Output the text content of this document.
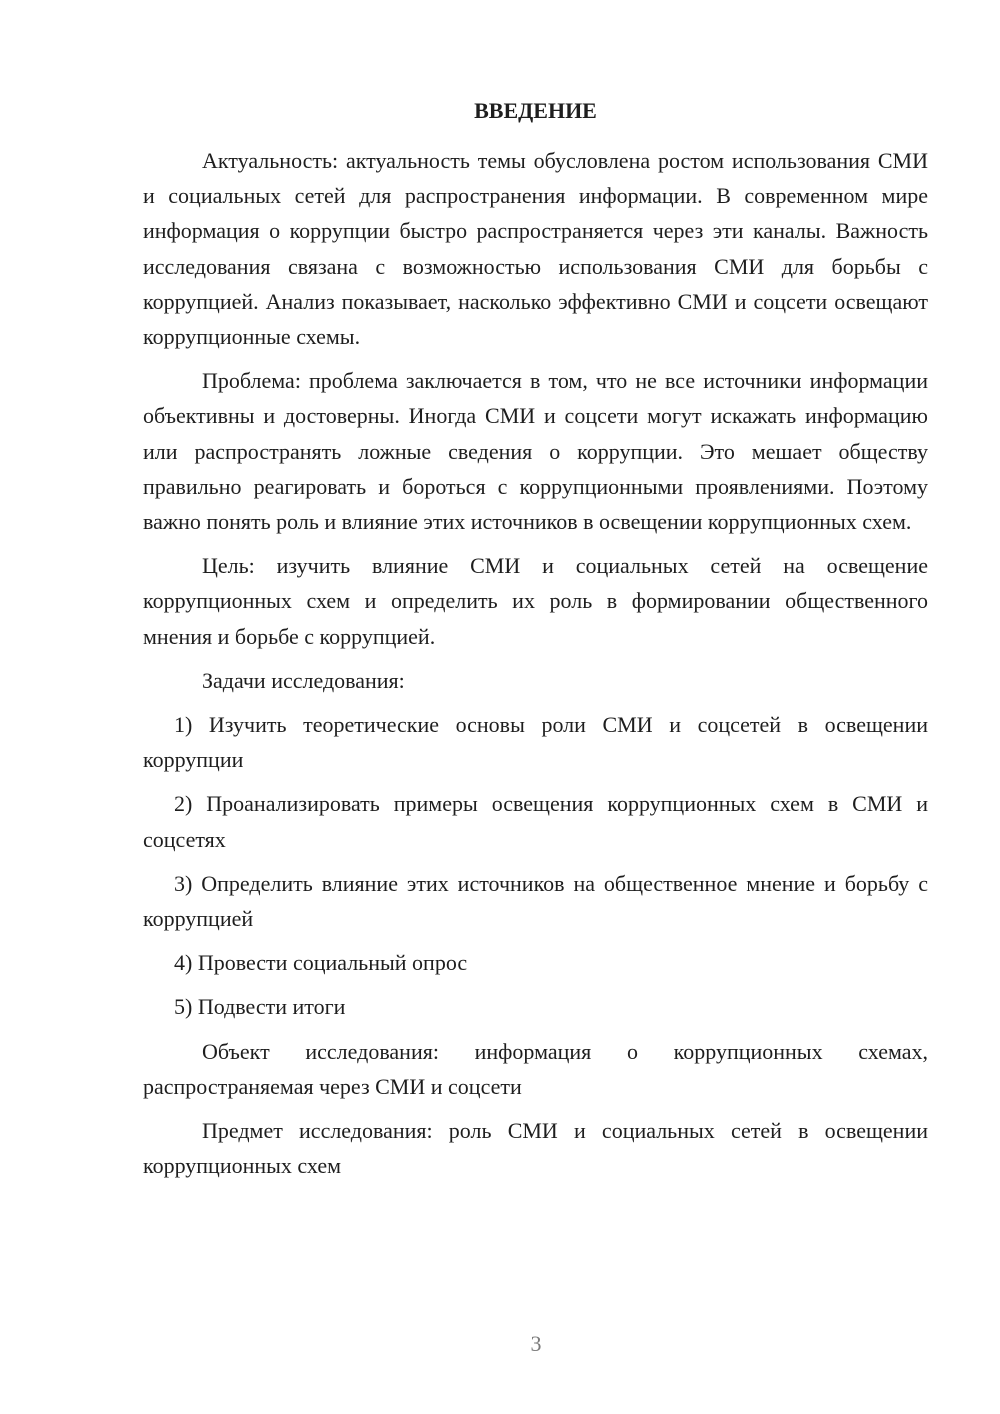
ВВЕДЕНИЕ

Актуальность: актуальность темы обусловлена ростом использования СМИ и социальных сетей для распространения информации. В современном мире информация о коррупции быстро распространяется через эти каналы. Важность исследования связана с возможностью использования СМИ для борьбы с коррупцией. Анализ показывает, насколько эффективно СМИ и соцсети освещают коррупционные схемы.

Проблема: проблема заключается в том, что не все источники информации объективны и достоверны. Иногда СМИ и соцсети могут искажать информацию или распространять ложные сведения о коррупции. Это мешает обществу правильно реагировать и бороться с коррупционными проявлениями. Поэтому важно понять роль и влияние этих источников в освещении коррупционных схем.

Цель: изучить влияние СМИ и социальных сетей на освещение коррупционных схем и определить их роль в формировании общественного мнения и борьбе с коррупцией.

Задачи исследования:

1) Изучить теоретические основы роли СМИ и соцсетей в освещении коррупции

2) Проанализировать примеры освещения коррупционных схем в СМИ и соцсетях

3) Определить влияние этих источников на общественное мнение и борьбу с коррупцией

4) Провести социальный опрос

5) Подвести итоги

Объект исследования: информация о коррупционных схемах, распространяемая через СМИ и соцсети

Предмет исследования: роль СМИ и социальных сетей в освещении коррупционных схем

3
